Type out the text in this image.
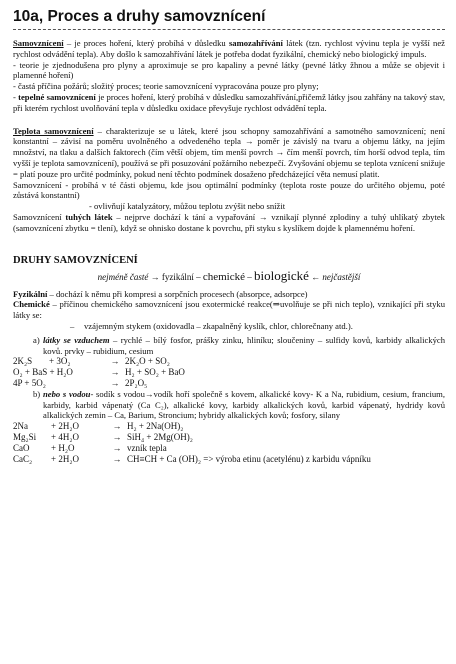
10a, Proces a druhy samovznícení

Samovznícení – je proces hoření, který probíhá v důsledku samozahřívání látek (tzn. rychlost vývinu tepla je vyšší než rychlost odvádění tepla). Aby došlo k samozahřívání látek je potřeba dodat fyzikální, chemický nebo biologický impuls.

- teorie je zjednodušena pro plyny a aproximuje se pro kapaliny a pevné látky (pevné látky žhnou a může se objevit i plamenné hoření)

- častá příčina požárů; složitý proces; teorie samovznícení vypracována pouze pro plyny;

- tepelné samovznícení je proces hoření, který probíhá v důsledku samozahřívání,přičemž látky jsou zahřány na takový stav, při kterém rychlost uvolňování tepla v důsledku oxidace převyšuje rychlost odvádění tepla.

Teplota samovznícení – charakterizuje se u látek, které jsou schopny samozahřívání a samotného samovznícení; není konstantní – závisí na poměru uvolněného a odvedeného tepla → poměr je závislý na tvaru a objemu látky, na jejím množství, na tlaku a dalších faktorech (čím větší objem, tím menší povrch → čím menší povrch, tím horší odvod tepla, tím vyšší je teplota samovznícení), používá se při posuzování požárního nebezpečí. Zvyšování objemu se teplota vznícení snižuje = platí pouze pro určité podmínky, pokud není těchto podmínek dosaženo předcházející věta nemusí platit.

Samovznícení - probíhá v té části objemu, kde jsou optimální podmínky (teplota roste pouze do určitého objemu, poté zůstává konstantní)

- ovlivňují katalyzátory, můžou teplotu zvýšit nebo snížit

Samovznícení tuhých látek – nejprve dochází k tání a vypařování → vznikají plynné zplodiny a tuhý uhlíkatý zbytek (samovznícení zbytku = tlení), když se ohnisko dostane k povrchu, při styku s kyslíkem dojde k plamennému hoření.

DRUHY SAMOVZNÍCENÍ
nejméně časté → fyzikální – chemické – biologické ← nejčastější

Fyzikální – dochází k němu při kompresi a sorpčních procesech (absorpce, adsorpce)

Chemické – příčinou chemického samovznícení jsou exotermické reakce(⇒uvolňuje se při nich teplo), vznikající při styku látky se:

– vzájemným stykem (oxidovadla – zkapalněný kyslík, chlor, chlorečnany atd.).

a) látky se vzduchem – rychlé – bílý fosfor, prášky zinku, hliníku; sloučeniny – sulfidy kovů, karbidy alkalických kovů. prvky – rubidium, cesium

2K₂S + 3O₂	→ 2K₂O + SO₂

O₂ + BaS + H₂O	→ H₂ + SO₂ + BaO

4P + 5O₂	→ 2P₂O₅

b) nebo s vodou- sodík s vodou→vodík hoří společně s kovem, alkalické kovy- K a Na, rubidium, cesium, francium, karbidy, karbid vápenatý (Ca C₂), alkalické kovy, karbidy alkalických kovů, karbid vápenatý, hydridy kovů alkalických zemin – Ca, Barium, Stroncium; hybridy alkalických kovů; fosfory, silany

2Na	+ 2H₂O	→ H₂ + 2Na(OH)₂

Mg₂Si + 4H₂O	→ SiH₄ + 2Mg(OH)₂

CaO + H₂O	→ vzník tepla

CaC₂ + 2H₂O	→ CH≡CH + Ca (OH)₂ => výroba etinu (acetylénu) z karbidu vápníku
